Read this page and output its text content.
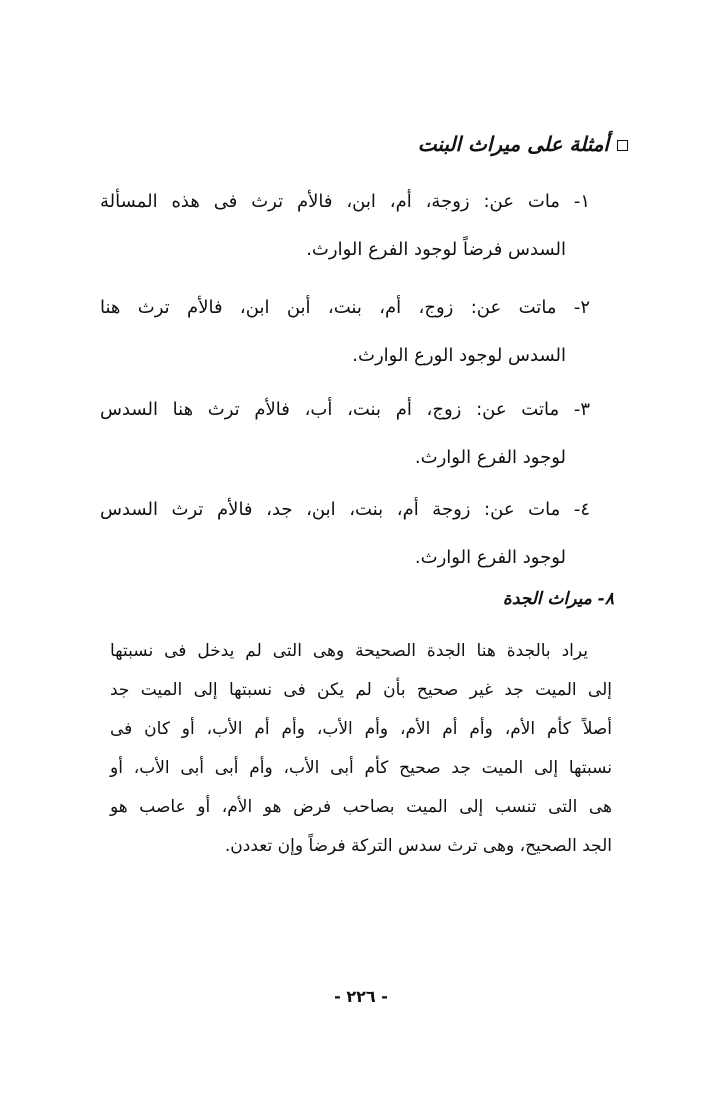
أمثلة على ميراث البنت
١- مات عن: زوجة، أم، ابن، فالأم ترث فى هذه المسألة
السدس فرضاً لوجود الفرع الوارث.
٢- ماتت عن: زوج، أم، بنت، أبن ابن، فالأم ترث هنا
السدس لوجود الورع الوارث.
٣- ماتت عن: زوج، أم بنت، أب، فالأم ترث هنا السدس
لوجود الفرع الوارث.
٤- مات عن: زوجة أم، بنت، ابن، جد، فالأم ترث السدس
لوجود الفرع الوارث.
٨- ميراث الجدة
يراد بالجدة هنا الجدة الصحيحة وهى التى لم يدخل فى نسبتها
إلى الميت جد غير صحيح بأن لم يكن فى نسبتها إلى الميت جد
أصلاً كأم الأم، وأم أم الأم، وأم الأب، وأم أم الأب، أو كان فى
نسبتها إلى الميت جد صحيح كأم أبى الأب، وأم أبى أبى الأب، أو
هى التى تنسب إلى الميت بصاحب فرض هو الأم، أو عاصب هو
الجد الصحيح، وهى ترث سدس التركة فرضاً وإن تعددن.
- ٢٢٦ -
